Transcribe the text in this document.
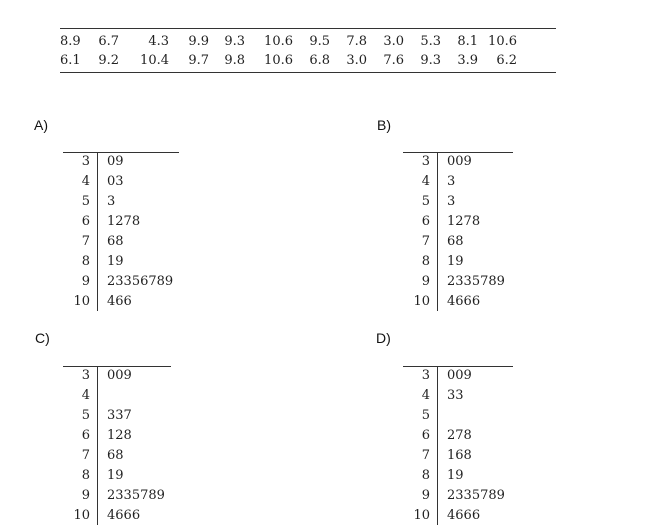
8.9	6.7	4.3	9.9	9.3	10.6	9.5	7.8	3.0	5.3	8.1 10.6
6.1	9.2	10.4	9.7	9.8	10.6	6.8	3.0	7.6	9.3	3.9	6.2
A)	B)
C)	D)
3 09
4 03
5 3
6 1278
7 68
8 19
9 23356789
10 466
3 009
4 3
5 3
6 1278
7 68
8 19
9 2335789
10 4666
3 009
4
5 337
6 128
7 68
8 19
9 2335789
10 4666
3 009
4 33
5
6 278
7 168
8 19
9 2335789
10 4666
